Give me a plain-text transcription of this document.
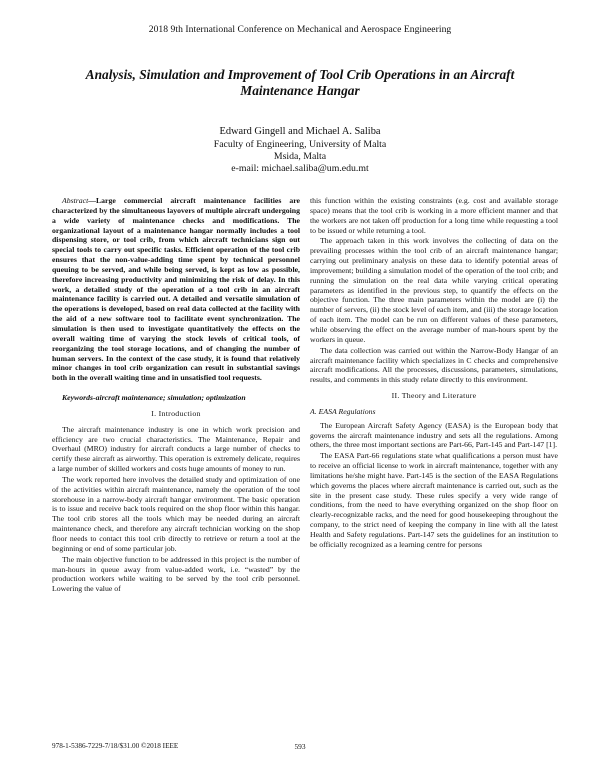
2018 9th International Conference on Mechanical and Aerospace Engineering
Analysis, Simulation and Improvement of Tool Crib Operations in an Aircraft Maintenance Hangar
Edward Gingell and Michael A. Saliba
Faculty of Engineering, University of Malta
Msida, Malta
e-mail: michael.saliba@um.edu.mt

Abstract—Large commercial aircraft maintenance facilities are characterized by the simultaneous layovers of multiple aircraft undergoing a wide variety of maintenance checks and modifications. The organizational layout of a maintenance hangar normally includes a tool dispensing store, or tool crib, from which aircraft technicians sign out special tools to carry out specific tasks. Efficient operation of the tool crib ensures that the non-value-adding time spent by technical personnel queuing to be served, and while being served, is kept as low as possible, therefore increasing productivity and minimizing the risk of delay. In this work, a detailed study of the operation of a tool crib in an aircraft maintenance facility is carried out. A detailed and versatile simulation of the operations is developed, based on real data collected at the facility with the aid of a new software tool to facilitate event synchronization. The simulation is then used to investigate quantitatively the effects on the overall waiting time of varying the stock levels of critical tools, of reorganizing the tool storage locations, and of changing the number of human servers. In the context of the case study, it is found that relatively minor changes in tool crib organization can result in substantial savings both in the overall waiting time and in unsatisfied tool requests.

Keywords-aircraft maintenance; simulation; optimization

I. Introduction

The aircraft maintenance industry is one in which work precision and efficiency are two crucial characteristics. The Maintenance, Repair and Overhaul (MRO) industry for aircraft conducts a large number of checks to certify these aircraft as airworthy. This operation is extremely delicate, requires a large number of skilled workers and costs huge amounts of money to run.

The work reported here involves the detailed study and optimization of one of the activities within aircraft maintenance, namely the operation of the tool storehouse in a narrow-body aircraft hangar environment. The basic operation is to issue and receive back tools required on the shop floor within this hangar. The tool crib stores all the tools which may be needed during an aircraft maintenance check, and therefore any aircraft technician working on the shop floor needs to contact this tool crib directly to retrieve or return a tool at the beginning or end of some particular job.

The main objective function to be addressed in this project is the number of man-hours in queue away from value-added work, i.e. “wasted” by the production workers while waiting to be served by the tool crib personnel. Lowering the value of

this function within the existing constraints (e.g. cost and available storage space) means that the tool crib is working in a more efficient manner and that the workers are not taken off production for a long time while requesting a tool to be issued or while returning a tool.

The approach taken in this work involves the collecting of data on the prevailing processes within the tool crib of an aircraft maintenance hangar; carrying out preliminary analysis on these data to identify potential areas of improvement; building a simulation model of the operation of the tool crib; and running the simulation on the real data while varying critical operating parameters as identified in the previous step, to quantify the effects on the objective function. The three main parameters within the model are (i) the number of servers, (ii) the stock level of each item, and (iii) the storage location of each item. The model can be run on different values of these parameters, while observing the effect on the average number of man-hours spent by the workers in queue.

The data collection was carried out within the Narrow-Body Hangar of an aircraft maintenance facility which specializes in C checks and comprehensive aircraft modifications. All the processes, discussions, parameters, simulations, results, and comments in this study relate directly to this environment.

II. Theory and Literature

A. EASA Regulations

The European Aircraft Safety Agency (EASA) is the European body that governs the aircraft maintenance industry and sets all the regulations. Among others, the three most important sections are Part-66, Part-145 and Part-147 [1].

The EASA Part-66 regulations state what qualifications a person must have to receive an official license to work in aircraft maintenance, together with any limitations he/she might have. Part-145 is the section of the EASA Regulations which governs the places where aircraft maintenance is carried out, such as the site in the present case study. These rules specify a very wide range of conditions, from the need to have everything organized on the shop floor on clearly-recognizable racks, and the need for good housekeeping throughout the company, to the strict need of keeping the company in line with all the latest Health and Safety regulations. Part-147 sets the guidelines for an institution to be officially recognized as a learning centre for persons

978-1-5386-7229-7/18/$31.00 ©2018 IEEE	593
